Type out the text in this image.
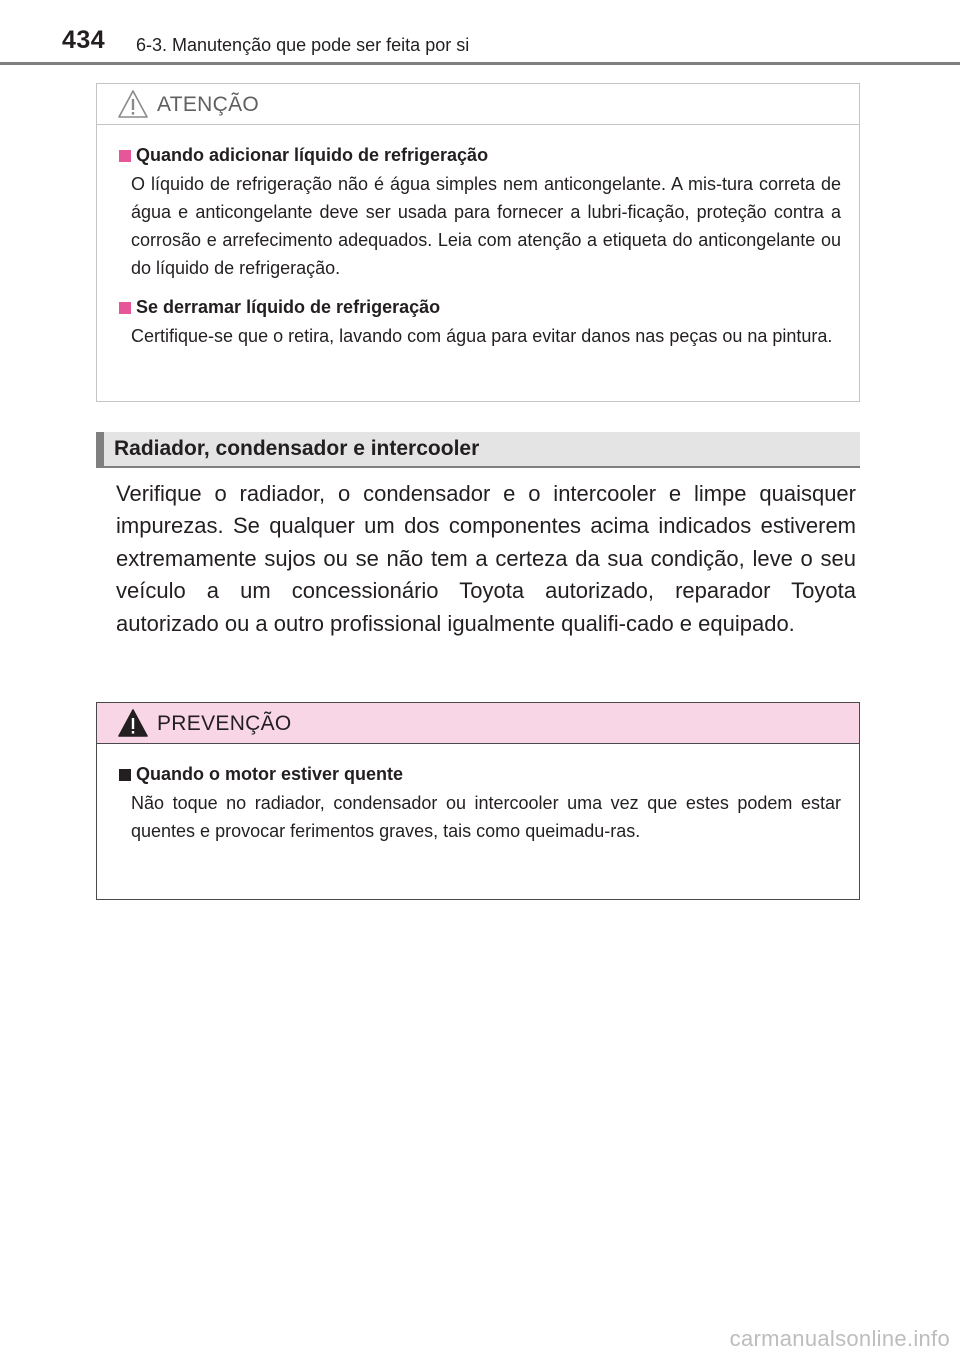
434 6-3. Manutenção que pode ser feita por si
ATENÇÃO
Quando adicionar líquido de refrigeração
O líquido de refrigeração não é água simples nem anticongelante. A mis-tura correta de água e anticongelante deve ser usada para fornecer a lubri-ficação, proteção contra a corrosão e arrefecimento adequados. Leia com atenção a etiqueta do anticongelante ou do líquido de refrigeração.
Se derramar líquido de refrigeração
Certifique-se que o retira, lavando com água para evitar danos nas peças ou na pintura.
Radiador, condensador e intercooler
Verifique o radiador, o condensador e o intercooler e limpe quaisquer impurezas. Se qualquer um dos componentes acima indicados estiverem extremamente sujos ou se não tem a certeza da sua condição, leve o seu veículo a um concessionário Toyota autorizado, reparador Toyota autorizado ou a outro profissional igualmente qualifi-cado e equipado.
PREVENÇÃO
Quando o motor estiver quente
Não toque no radiador, condensador ou intercooler uma vez que estes podem estar quentes e provocar ferimentos graves, tais como queimadu-ras.
carmanualsonline.info
